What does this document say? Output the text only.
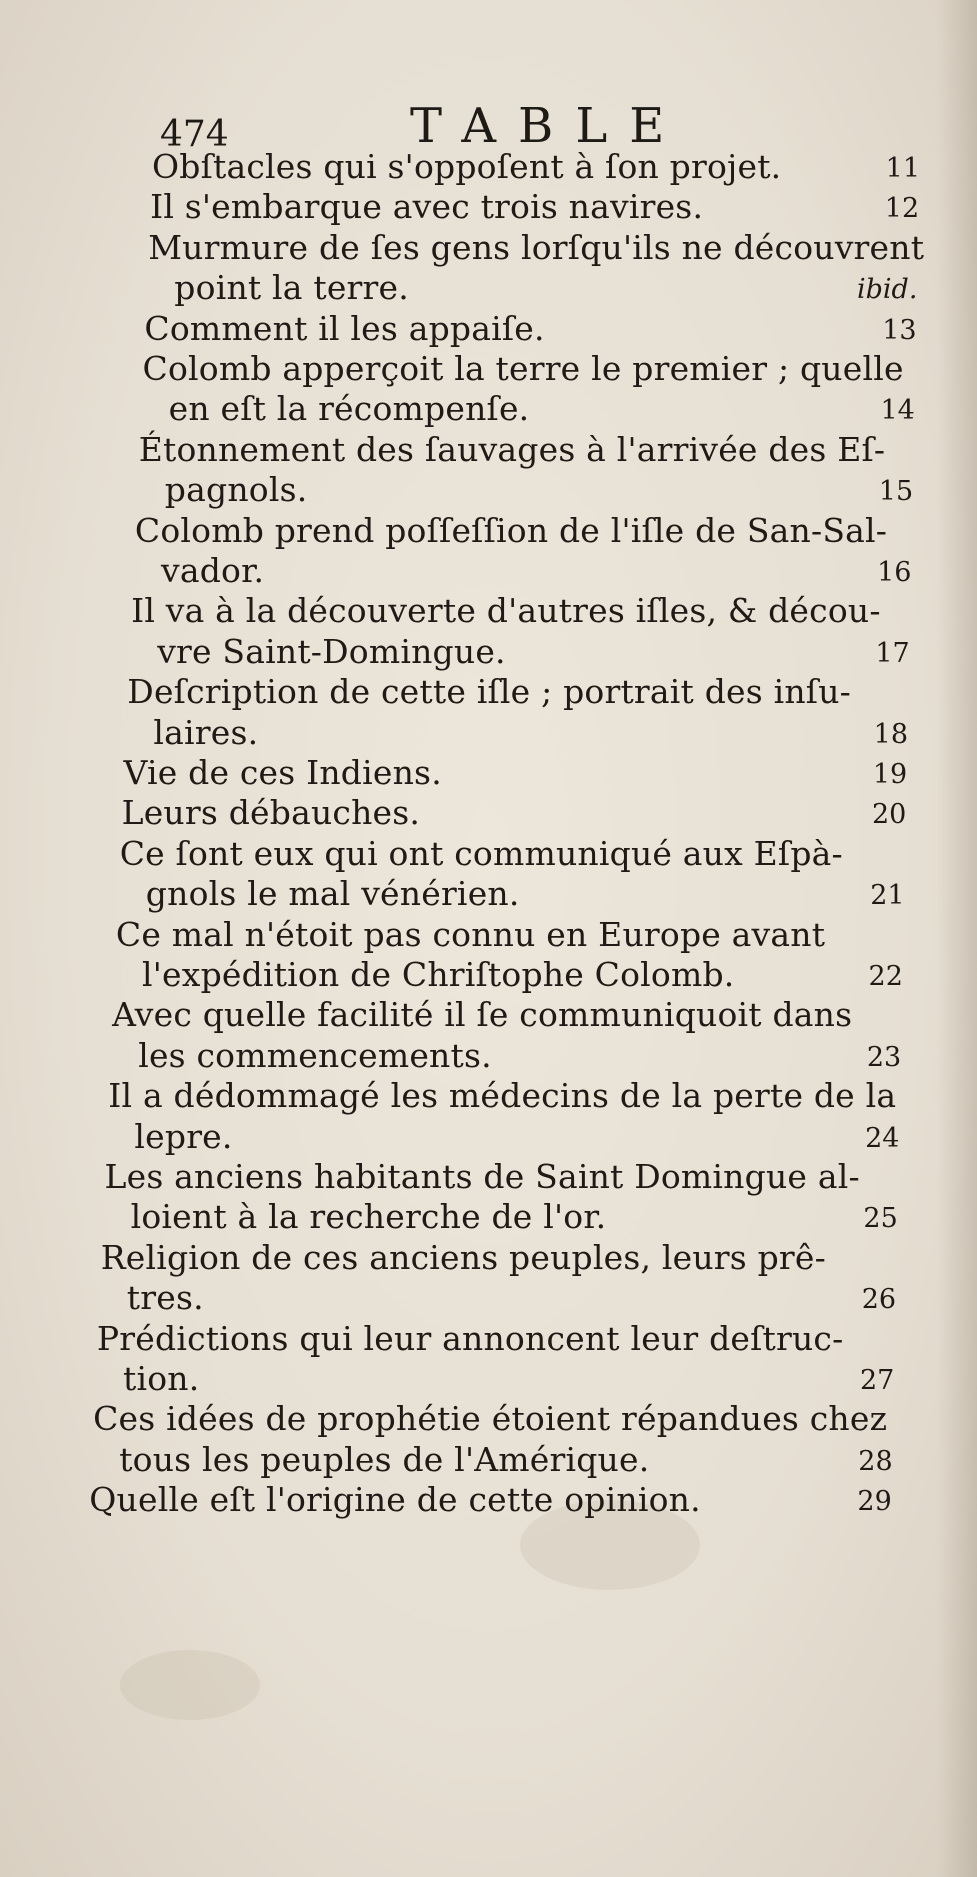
474	TABLE
Obſtacles qui s'oppoſent à ſon projet.	11
Il s'embarque avec trois navires.	12
Murmure de ſes gens lorſqu'ils ne découvrent
point la terre.	ibid.
Comment il les appaiſe.	13
Colomb apperçoit la terre le premier ; quelle
en eſt la récompenſe.	14
Étonnement des ſauvages à l'arrivée des Eſ-
pagnols.	15
Colomb prend poſſeſſion de l'iſle de San-Sal-
vador.	16
Il va à la découverte d'autres iſles, & décou-
vre Saint-Domingue.	17
Deſcription de cette iſle ; portrait des inſu-
laires.	18
Vie de ces Indiens.	19
Leurs débauches.	20
Ce ſont eux qui ont communiqué aux Eſpà-
gnols le mal vénérien.	21
Ce mal n'étoit pas connu en Europe avant
l'expédition de Chriſtophe Colomb.	22
Avec quelle facilité il ſe communiquoit dans
les commencements.	23
Il a dédommagé les médecins de la perte de la
lepre.	24
Les anciens habitants de Saint Domingue al-
loient à la recherche de l'or.	25
Religion de ces anciens peuples, leurs prê-
tres.	26
Prédictions qui leur annoncent leur deſtruc-
tion.	27
Ces idées de prophétie étoient répandues chez
tous les peuples de l'Amérique.	28
Quelle eſt l'origine de cette opinion.	29
